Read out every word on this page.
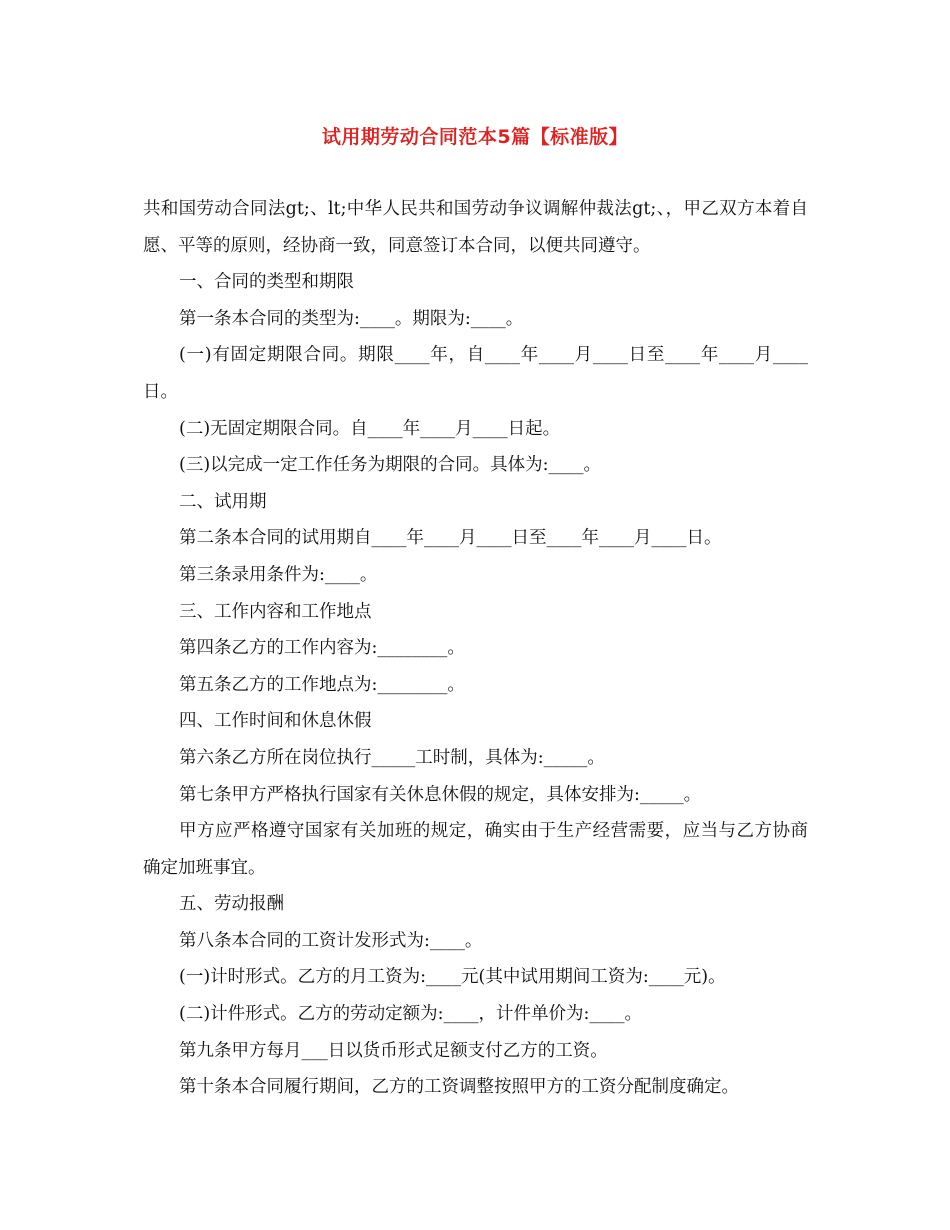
试用期劳动合同范本5篇【标准版】

共和国劳动合同法gt;、lt;中华人民共和国劳动争议调解仲裁法gt;、，甲乙双方本着自愿、平等的原则，经协商一致，同意签订本合同，以便共同遵守。

一、合同的类型和期限

第一条本合同的类型为:____。期限为:____。

(一)有固定期限合同。期限____年，自____年____月____日至____年____月____日。

(二)无固定期限合同。自____年____月____日起。

(三)以完成一定工作任务为期限的合同。具体为:____。

二、试用期

第二条本合同的试用期自____年____月____日至____年____月____日。

第三条录用条件为:____。

三、工作内容和工作地点

第四条乙方的工作内容为:________。

第五条乙方的工作地点为:________。

四、工作时间和休息休假

第六条乙方所在岗位执行_____工时制，具体为:_____。

第七条甲方严格执行国家有关休息休假的规定，具体安排为:_____。

甲方应严格遵守国家有关加班的规定，确实由于生产经营需要，应当与乙方协商确定加班事宜。

五、劳动报酬

第八条本合同的工资计发形式为:____。

(一)计时形式。乙方的月工资为:____元(其中试用期间工资为:____元)。

(二)计件形式。乙方的劳动定额为:____，计件单价为:____。

第九条甲方每月___日以货币形式足额支付乙方的工资。

第十条本合同履行期间，乙方的工资调整按照甲方的工资分配制度确定。
